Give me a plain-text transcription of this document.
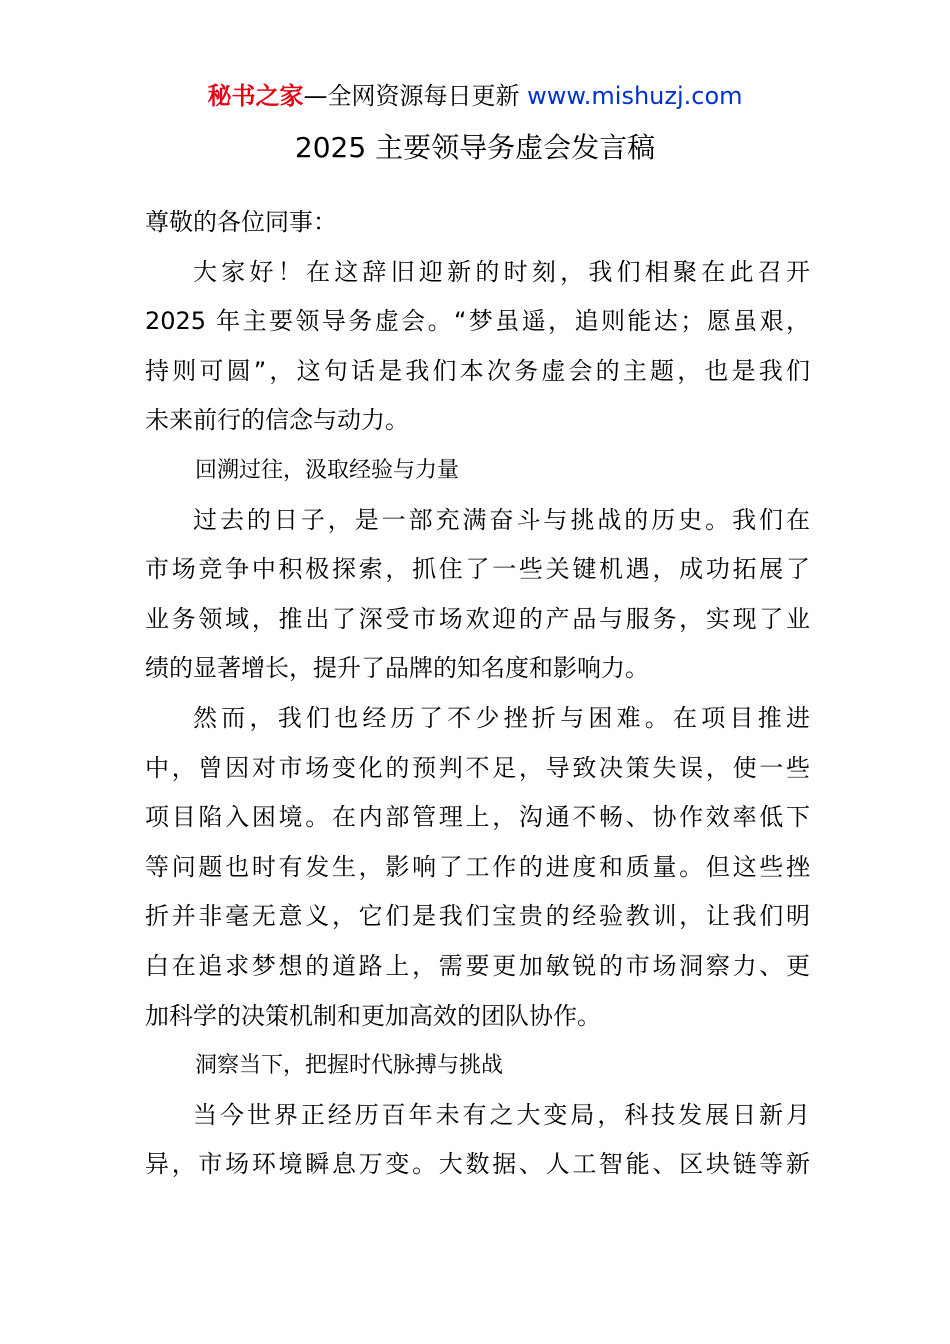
秘书之家—全网资源每日更新 www.mishuzj.com
2025 主要领导务虚会发言稿
尊敬的各位同事：
大家好！在这辞旧迎新的时刻，我们相聚在此召开
2025 年主要领导务虚会。“梦虽遥，追则能达；愿虽艰，
持则可圆”，这句话是我们本次务虚会的主题，也是我们
未来前行的信念与动力。
回溯过往，汲取经验与力量
过去的日子，是一部充满奋斗与挑战的历史。我们在
市场竞争中积极探索，抓住了一些关键机遇，成功拓展了
业务领域，推出了深受市场欢迎的产品与服务，实现了业
绩的显著增长，提升了品牌的知名度和影响力。
然而，我们也经历了不少挫折与困难。在项目推进
中，曾因对市场变化的预判不足，导致决策失误，使一些
项目陷入困境。在内部管理上，沟通不畅、协作效率低下
等问题也时有发生，影响了工作的进度和质量。但这些挫
折并非毫无意义，它们是我们宝贵的经验教训，让我们明
白在追求梦想的道路上，需要更加敏锐的市场洞察力、更
加科学的决策机制和更加高效的团队协作。
洞察当下，把握时代脉搏与挑战
当今世界正经历百年未有之大变局，科技发展日新月
异，市场环境瞬息万变。大数据、人工智能、区块链等新
